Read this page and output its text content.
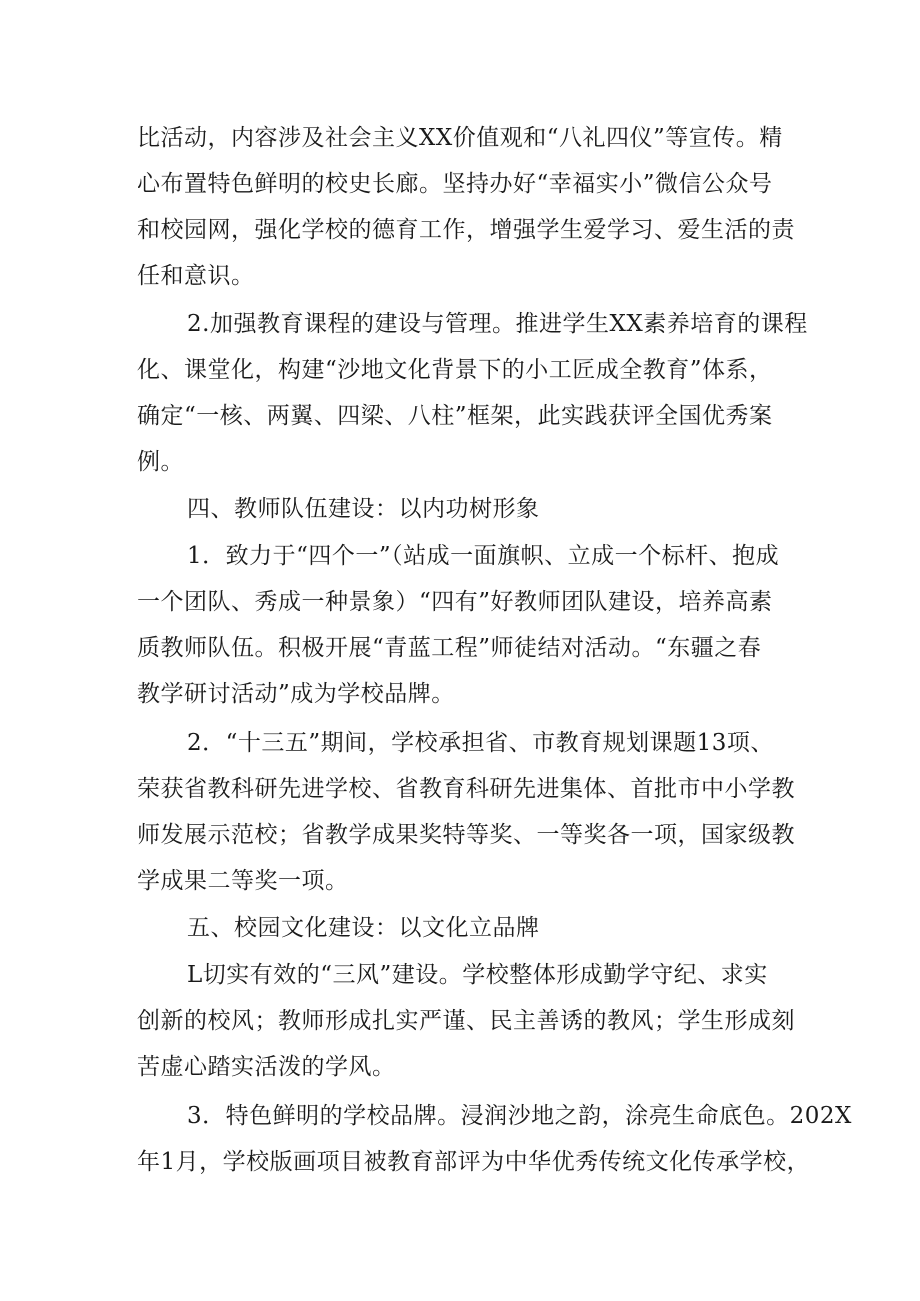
比活动，内容涉及社会主义XX价值观和“八礼四仪”等宣传。精
心布置特色鲜明的校史长廊。坚持办好“幸福实小”微信公众号
和校园网，强化学校的德育工作，增强学生爱学习、爱生活的责
任和意识。
2.加强教育课程的建设与管理。推进学生XX素养培育的课程
化、课堂化，构建“沙地文化背景下的小工匠成全教育”体系，
确定“一核、两翼、四梁、八柱”框架，此实践获评全国优秀案
例。
四、教师队伍建设：以内功树形象
1．致力于“四个一”（站成一面旗帜、立成一个标杆、抱成
一个团队、秀成一种景象）“四有”好教师团队建设，培养高素
质教师队伍。积极开展“青蓝工程”师徒结对活动。“东疆之春
教学研讨活动”成为学校品牌。
2．“十三五”期间，学校承担省、市教育规划课题13项、
荣获省教科研先进学校、省教育科研先进集体、首批市中小学教
师发展示范校；省教学成果奖特等奖、一等奖各一项，国家级教
学成果二等奖一项。
五、校园文化建设：以文化立品牌
L切实有效的“三风”建设。学校整体形成勤学守纪、求实
创新的校风；教师形成扎实严谨、民主善诱的教风；学生形成刻
苦虚心踏实活泼的学风。
3．特色鲜明的学校品牌。浸润沙地之韵，涂亮生命底色。202X
年1月，学校版画项目被教育部评为中华优秀传统文化传承学校，
